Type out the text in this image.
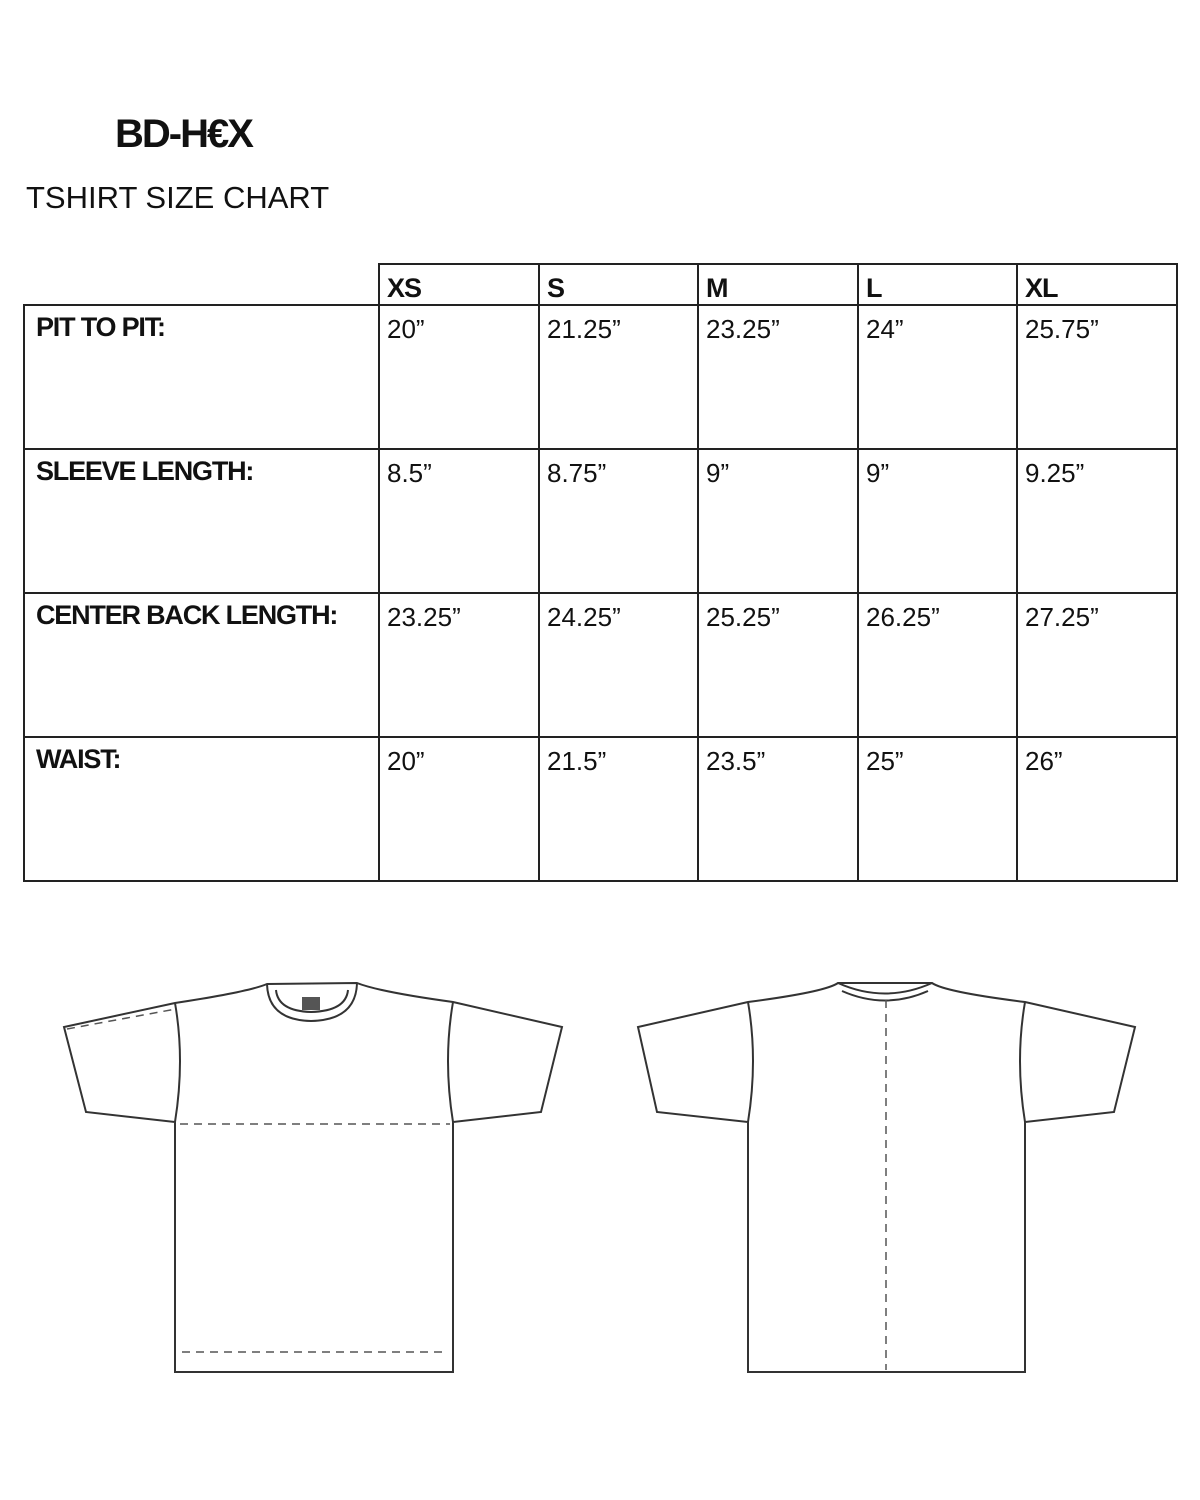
BD-H€X
TSHIRT SIZE CHART

	XS	S	M	L	XL

PIT TO PIT:	20”	21.25”	23.25”	24”	25.75”

SLEEVE LENGTH:	8.5”	8.75”	9”	9”	9.25”

CENTER BACK LENGTH:	23.25”	24.25”	25.25”	26.25”	27.25”

WAIST:	20”	21.5”	23.5”	25”	26”
